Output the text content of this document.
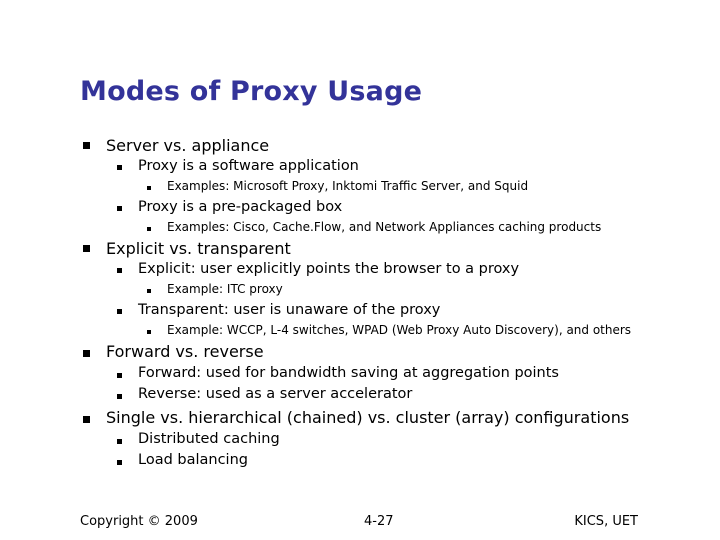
Modes of Proxy Usage
Server vs. appliance
Proxy is a software application
Examples: Microsoft Proxy, Inktomi Traffic Server, and Squid
Proxy is a pre-packaged box
Examples: Cisco, Cache.Flow, and Network Appliances caching products
Explicit vs. transparent
Explicit: user explicitly points the browser to a proxy
Example: ITC proxy
Transparent: user is unaware of the proxy
Example: WCCP, L-4 switches, WPAD (Web Proxy Auto Discovery), and others
Forward vs. reverse
Forward: used for bandwidth saving at aggregation points
Reverse: used as a server accelerator
Single vs. hierarchical (chained) vs. cluster (array) configurations
Distributed caching
Load balancing
Copyright © 2009	4-27	KICS, UET
